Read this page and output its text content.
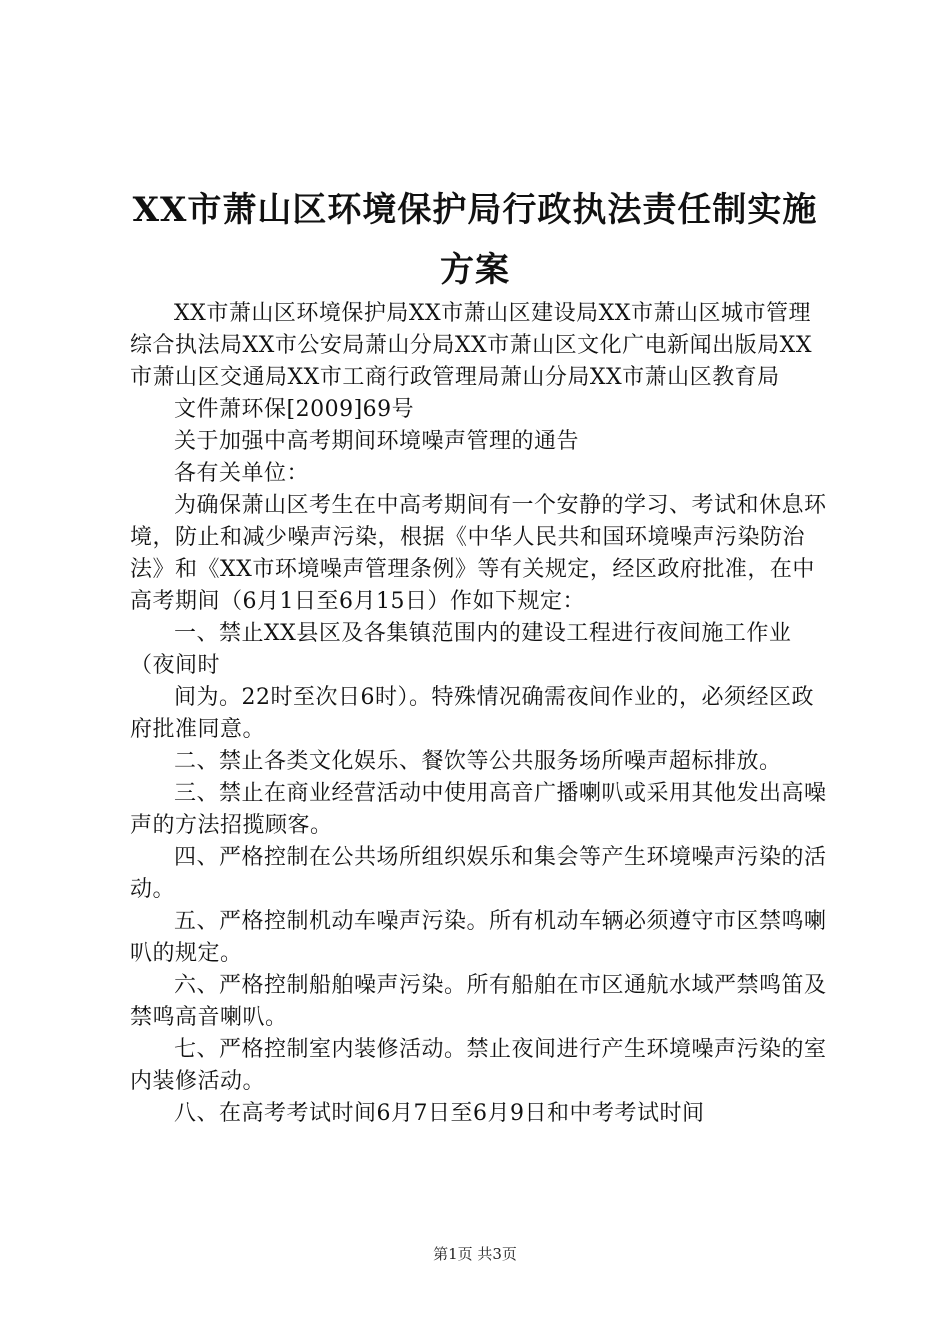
XX市萧山区环境保护局行政执法责任制实施
方案

XX市萧山区环境保护局XX市萧山区建设局XX市萧山区城市管理综合执法局XX市公安局萧山分局XX市萧山区文化广电新闻出版局XX市萧山区交通局XX市工商行政管理局萧山分局XX市萧山区教育局

文件萧环保[2009]69号

关于加强中高考期间环境噪声管理的通告

各有关单位：

为确保萧山区考生在中高考期间有一个安静的学习、考试和休息环境，防止和减少噪声污染，根据《中华人民共和国环境噪声污染防治法》和《XX市环境噪声管理条例》等有关规定，经区政府批准，在中高考期间（6月1日至6月15日）作如下规定：

一、禁止XX县区及各集镇范围内的建设工程进行夜间施工作业（夜间时

间为。22时至次日6时）。特殊情况确需夜间作业的，必须经区政府批准同意。

二、禁止各类文化娱乐、餐饮等公共服务场所噪声超标排放。

三、禁止在商业经营活动中使用高音广播喇叭或采用其他发出高噪声的方法招揽顾客。

四、严格控制在公共场所组织娱乐和集会等产生环境噪声污染的活动。

五、严格控制机动车噪声污染。所有机动车辆必须遵守市区禁鸣喇叭的规定。

六、严格控制船舶噪声污染。所有船舶在市区通航水域严禁鸣笛及禁鸣高音喇叭。

七、严格控制室内装修活动。禁止夜间进行产生环境噪声污染的室内装修活动。

八、在高考考试时间6月7日至6月9日和中考考试时间

第1页 共3页
